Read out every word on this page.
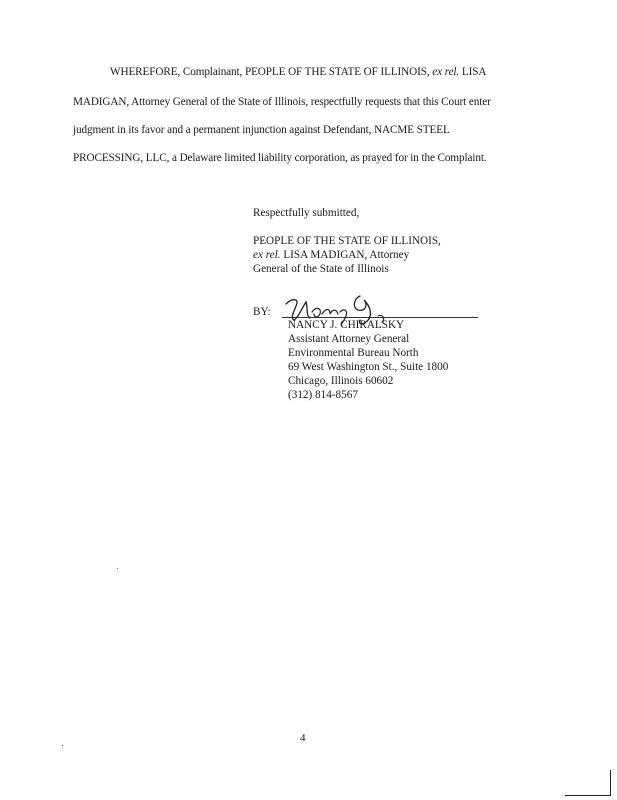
WHEREFORE, Complainant, PEOPLE OF THE STATE OF ILLINOIS, ex rel. LISA
MADIGAN, Attorney General of the State of Illinois, respectfully requests that this Court enter
judgment in its favor and a permanent injunction against Defendant, NACME STEEL
PROCESSING, LLC, a Delaware limited liability corporation, as prayed for in the Complaint.
Respectfully submitted,
PEOPLE OF THE STATE OF ILLINOIS,
ex rel. LISA MADIGAN, Attorney
General of the State of Illinois
BY:
NANCY J. CHIRALSKY
Assistant Attorney General
Environmental Bureau North
69 West Washington St., Suite 1800
Chicago, Illinois 60602
(312) 814-8567
4
